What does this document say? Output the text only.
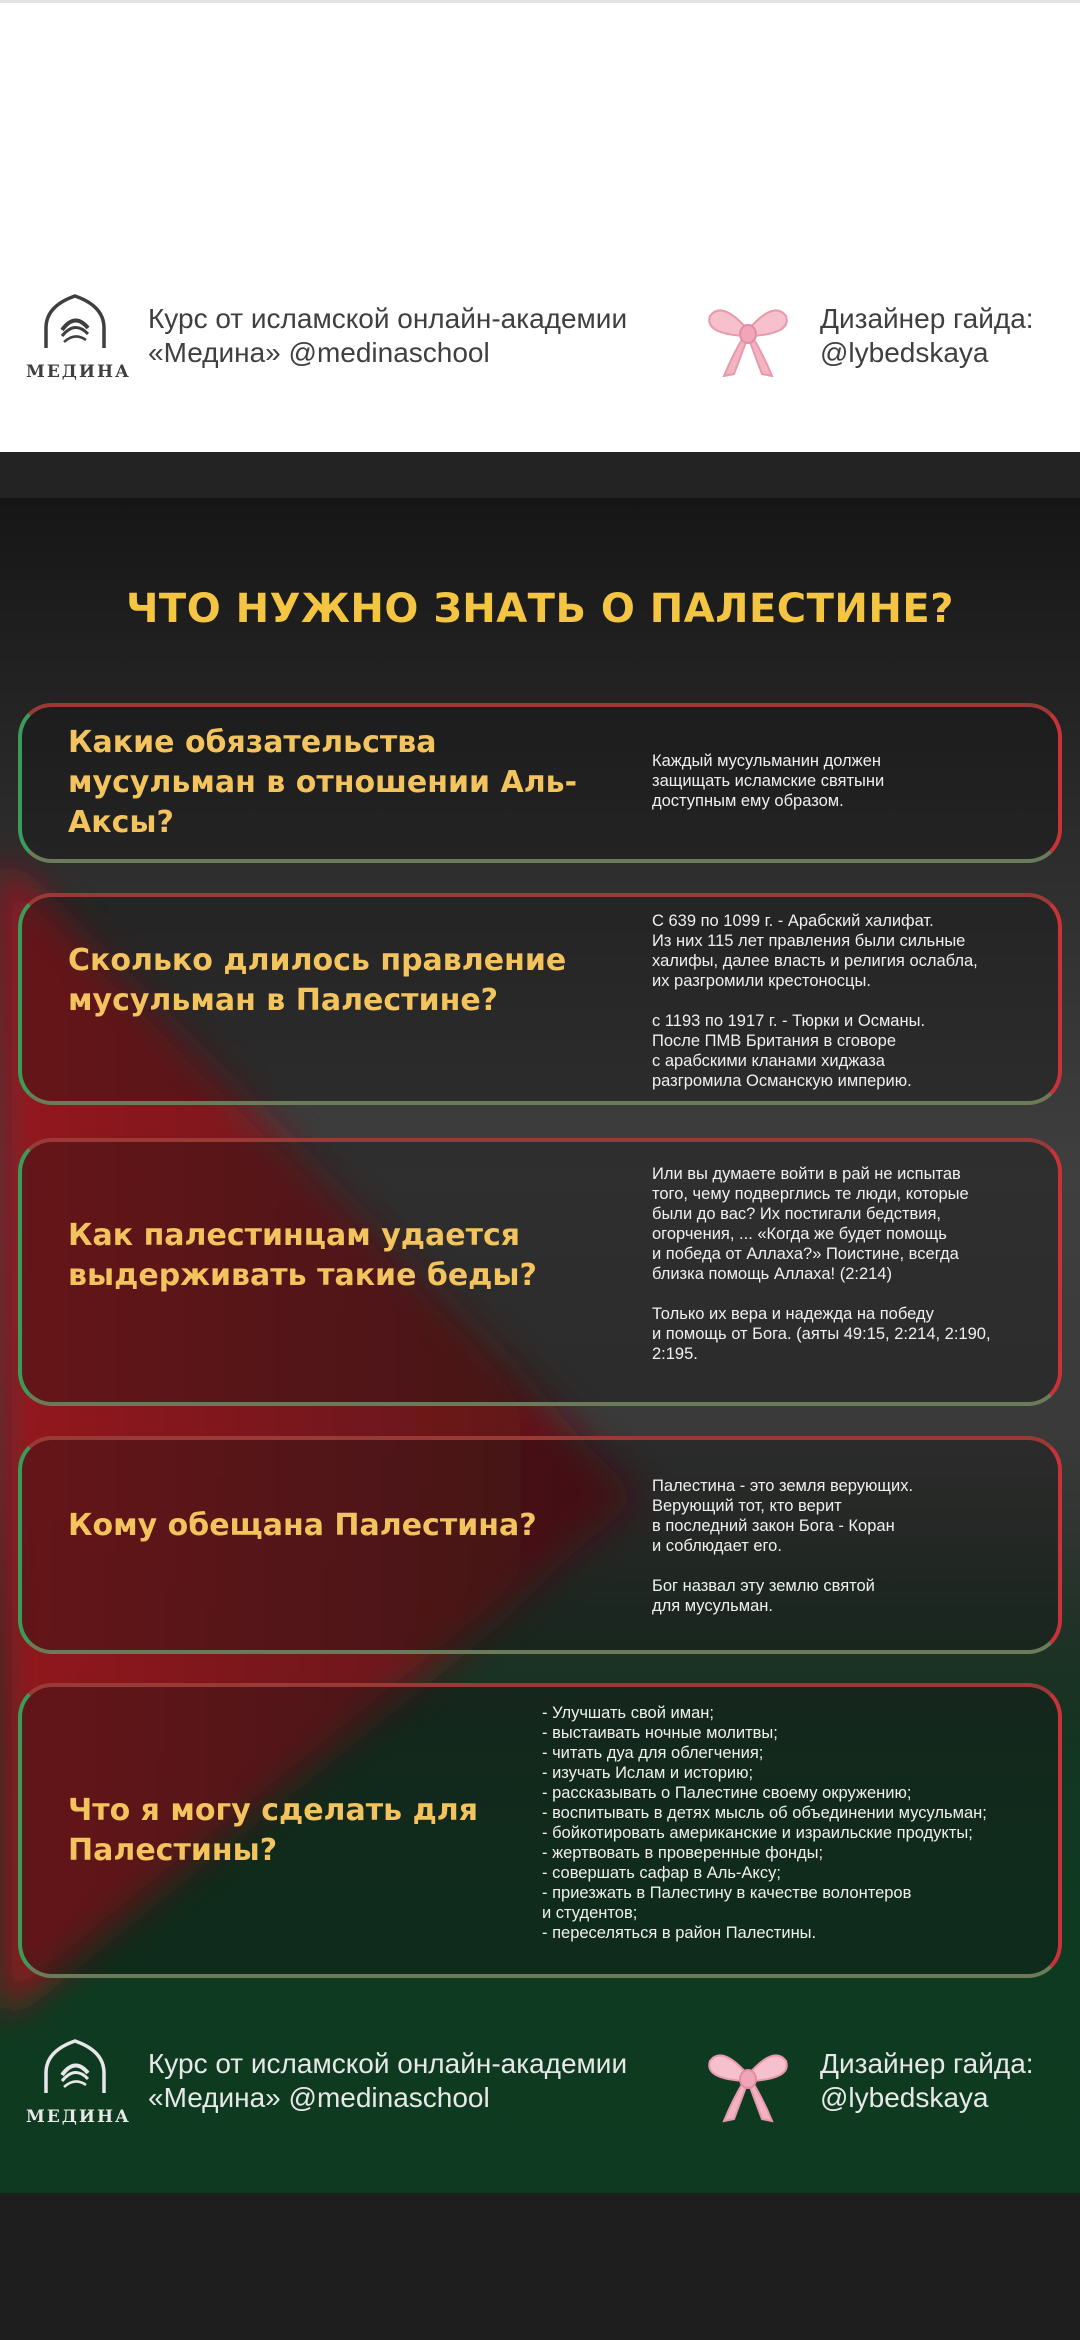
МЕДИНА
Курс от исламской онлайн-академии
«Медина» @medinaschool
Дизайнер гайда:
@lybedskaya
ЧТО НУЖНО ЗНАТЬ О ПАЛЕСТИНЕ?
Какие обязательства мусульман в отношении Аль-Аксы?
Каждый мусульманин должен
защищать исламские святыни
доступным ему образом.
Сколько длилось правление мусульман в Палестине?
С 639 по 1099 г. - Арабский халифат.
Из них 115 лет правления были сильные
халифы, далее власть и религия ослабла,
их разгромили крестоносцы.

с 1193 по 1917 г. - Тюрки и Османы.
После ПМВ Британия в сговоре
с арабскими кланами хиджаза
разгромила Османскую империю.
Как палестинцам удается выдерживать такие беды?
Или вы думаете войти в рай не испытав
того, чему подверглись те люди, которые
были до вас? Их постигали бедствия,
огорчения, ... «Когда же будет помощь
и победа от Аллаха?» Поистине, всегда
близка помощь Аллаха! (2:214)

Только их вера и надежда на победу
и помощь от Бога. (аяты 49:15, 2:214, 2:190,
2:195.
Кому обещана Палестина?
Палестина - это земля верующих.
Верующий тот, кто верит
в последний закон Бога - Коран
и соблюдает его.

Бог назвал эту землю святой
для мусульман.
Что я могу сделать для Палестины?
- Улучшать свой иман;
- выстаивать ночные молитвы;
- читать дуа для облегчения;
- изучать Ислам и историю;
- рассказывать о Палестине своему окружению;
- воспитывать в детях мысль об объединении мусульман;
- бойкотировать американские и израильские продукты;
- жертвовать в проверенные фонды;
- совершать сафар в Аль-Аксу;
- приезжать в Палестину в качестве волонтеров
и студентов;
- переселяться в район Палестины.
МЕДИНА
Курс от исламской онлайн-академии
«Медина» @medinaschool
Дизайнер гайда:
@lybedskaya
